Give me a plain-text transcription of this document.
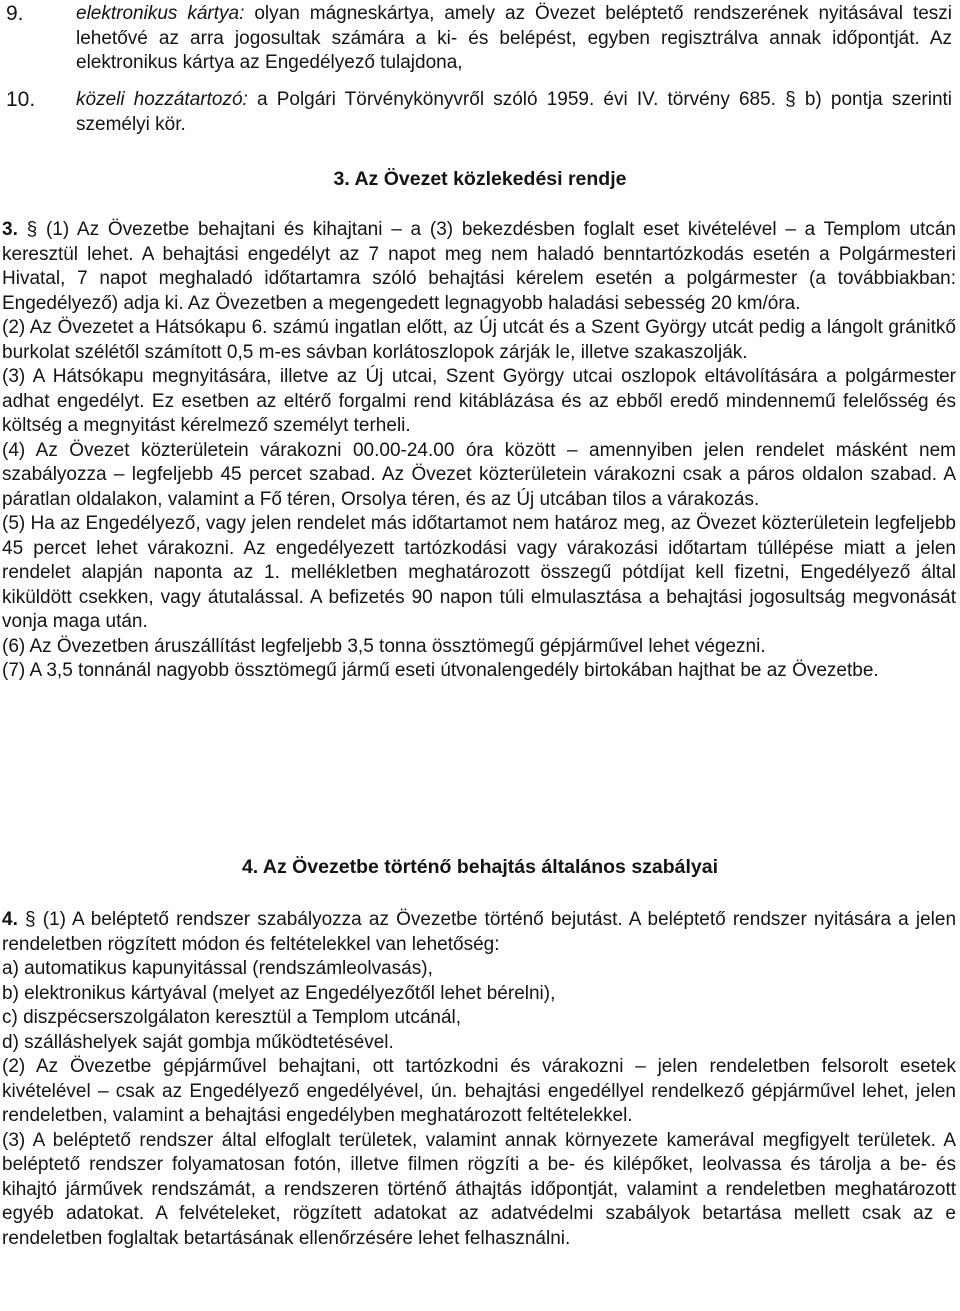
9.	elektronikus kártya: olyan mágneskártya, amely az Övezet beléptető rendszerének nyitásával teszi lehetővé az arra jogosultak számára a ki- és belépést, egyben regisztrálva annak időpontját. Az elektronikus kártya az Engedélyező tulajdona,
10. közeli hozzátartozó: a Polgári Törvénykönyvről szóló 1959. évi IV. törvény 685. § b) pontja szerinti személyi kör.
3. Az Övezet közlekedési rendje

3. § (1) Az Övezetbe behajtani és kihajtani – a (3) bekezdésben foglalt eset kivételével – a Templom utcán keresztül lehet. A behajtási engedélyt az 7 napot meg nem haladó benntartózkodás esetén a Polgármesteri Hivatal, 7 napot meghaladó időtartamra szóló behajtási kérelem esetén a polgármester (a továbbiakban: Engedélyező) adja ki. Az Övezetben a megengedett legnagyobb haladási sebesség 20 km/óra.

(2) Az Övezetet a Hátsókapu 6. számú ingatlan előtt, az Új utcát és a Szent György utcát pedig a lángolt gránitkő burkolat szélétől számított 0,5 m-es sávban korlátoszlopok zárják le, illetve szakaszolják.

(3) A Hátsókapu megnyitására, illetve az Új utcai, Szent György utcai oszlopok eltávolítására a polgármester adhat engedélyt. Ez esetben az eltérő forgalmi rend kitáblázása és az ebből eredő mindennemű felelősség és költség a megnyitást kérelmező személyt terheli.

(4) Az Övezet közterületein várakozni 00.00-24.00 óra között – amennyiben jelen rendelet másként nem szabályozza – legfeljebb 45 percet szabad. Az Övezet közterületein várakozni csak a páros oldalon szabad. A páratlan oldalakon, valamint a Fő téren, Orsolya téren, és az Új utcában tilos a várakozás.

(5) Ha az Engedélyező, vagy jelen rendelet más időtartamot nem határoz meg, az Övezet közterületein legfeljebb 45 percet lehet várakozni. Az engedélyezett tartózkodási vagy várakozási időtartam túllépése miatt a jelen rendelet alapján naponta az 1. mellékletben meghatározott összegű pótdíjat kell fizetni, Engedélyező által kiküldött csekken, vagy átutalással. A befizetés 90 napon túli elmulasztása a behajtási jogosultság megvonását vonja maga után.

(6) Az Övezetben áruszállítást legfeljebb 3,5 tonna össztömegű gépjárművel lehet végezni.

(7) A 3,5 tonnánál nagyobb össztömegű jármű eseti útvonalengedély birtokában hajthat be az Övezetbe.

4. Az Övezetbe történő behajtás általános szabályai

4. § (1) A beléptető rendszer szabályozza az Övezetbe történő bejutást. A beléptető rendszer nyitására a jelen rendeletben rögzített módon és feltételekkel van lehetőség:

a) automatikus kapunyitással (rendszámleolvasás),

b) elektronikus kártyával (melyet az Engedélyezőtől lehet bérelni),

c) diszpécserszolgálaton keresztül a Templom utcánál,

d) szálláshelyek saját gombja működtetésével.

(2) Az Övezetbe gépjárművel behajtani, ott tartózkodni és várakozni – jelen rendeletben felsorolt esetek kivételével – csak az Engedélyező engedélyével, ún. behajtási engedéllyel rendelkező gépjárművel lehet, jelen rendeletben, valamint a behajtási engedélyben meghatározott feltételekkel.

(3) A beléptető rendszer által elfoglalt területek, valamint annak környezete kamerával megfigyelt területek. A beléptető rendszer folyamatosan fotón, illetve filmen rögzíti a be- és kilépőket, leolvassa és tárolja a be- és kihajtó járművek rendszámát, a rendszeren történő áthajtás időpontját, valamint a rendeletben meghatározott egyéb adatokat. A felvételeket, rögzített adatokat az adatvédelmi szabályok betartása mellett csak az e rendeletben foglaltak betartásának ellenőrzésére lehet felhasználni.
